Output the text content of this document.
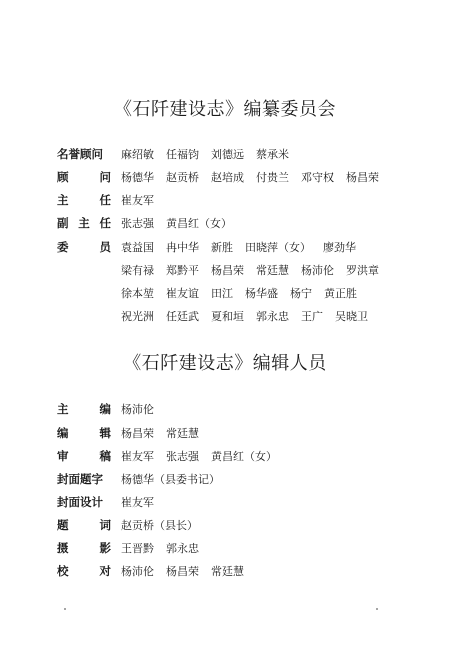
《石阡建设志》编纂委员会
名誉顾问	麻绍敏 任福钧 刘德远 蔡承米
顾	问 杨德华 赵贡桥 赵培成 付贵兰 邓守权 杨昌荣
主	任 崔友军
副 主 任 张志强 黄昌红（女）
委	员 袁益国 冉中华 新胜 田晓萍（女） 廖劲华
梁有禄 郑黔平 杨昌荣 常廷慧 杨沛伦 罗洪章
徐本堃 崔友谊 田江 杨华盛 杨宁 黄正胜
祝光洲 任廷武 夏和垣 郭永忠 王广 吴晓卫
《石阡建设志》编辑人员
主	编 杨沛伦
编	辑 杨昌荣 常廷慧
审	稿 崔友军 张志强 黄昌红（女）
封面题字	杨德华（县委书记）
封面设计	崔友军
题	词 赵贡桥（县长）
摄	影 王晋黔 郭永忠
校	对 杨沛伦 杨昌荣 常廷慧
